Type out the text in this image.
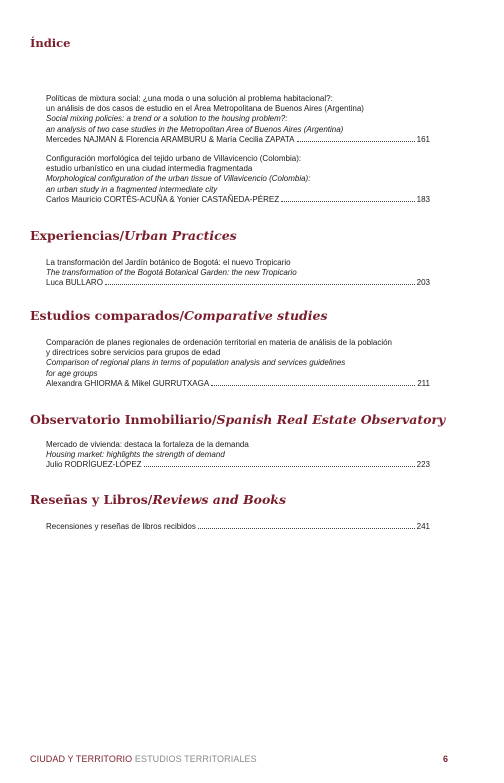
Índice
Políticas de mixtura social: ¿una moda o una solución al problema habitacional?:
un análisis de dos casos de estudio en el Área Metropolitana de Buenos Aires (Argentina)
Social mixing policies: a trend or a solution to the housing problem?:
an analysis of two case studies in the Metropolitan Area of Buenos Aires (Argentina)
Mercedes NAJMAN & Florencia ARAMBURU & María Cecilia ZAPATA	161
Configuración morfológica del tejido urbano de Villavicencio (Colombia):
estudio urbanístico en una ciudad intermedia fragmentada
Morphological configuration of the urban tissue of Villavicencio (Colombia):
an urban study in a fragmented intermediate city
Carlos Mauricio CORTÉS-ACUÑA & Yonier CASTAÑEDA-PÉREZ	183
Experiencias/Urban Practices
La transformación del Jardín botánico de Bogotá: el nuevo Tropicario
The transformation of the Bogotá Botanical Garden: the new Tropicario
Luca BULLARO	203
Estudios comparados/Comparative studies
Comparación de planes regionales de ordenación territorial en materia de análisis de la población
y directrices sobre servicios para grupos de edad
Comparison of regional plans in terms of population analysis and services guidelines
for age groups
Alexandra GHIORMA & Mikel GURRUTXAGA	211
Observatorio Inmobiliario/Spanish Real Estate Observatory
Mercado de vivienda: destaca la fortaleza de la demanda
Housing market: highlights the strength of demand
Julio RODRÍGUEZ-LÓPEZ	223
Reseñas y Libros/Reviews and Books
Recensiones y reseñas de libros recibidos	241
CIUDAD Y TERRITORIO ESTUDIOS TERRITORIALES	6
